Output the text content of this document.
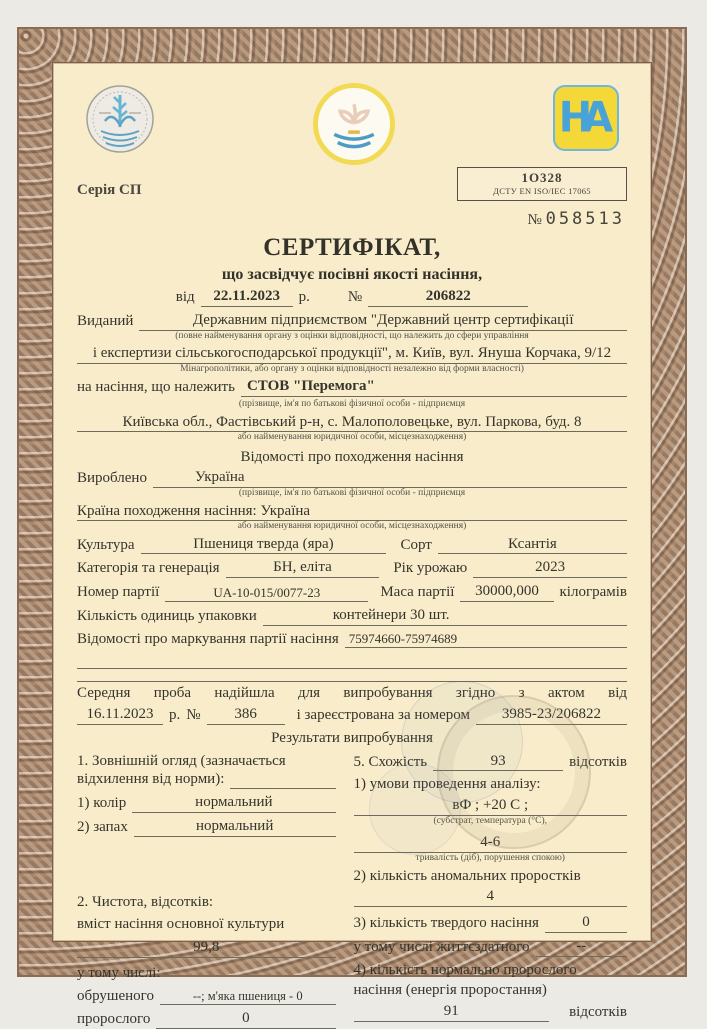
НА
Серія СП
1О328
ДСТУ EN ISO/IEC 17065
№ 058513
СЕРТИФІКАТ,
що засвідчує посівні якості насіння,
від	22.11.2023	р.	№	206822
Виданий	Державним підприємством "Державний центр сертифікації
(повне найменування органу з оцінки відповідності, що належить до сфери управління
і експертизи сільськогосподарської продукції", м. Київ, вул. Януша Корчака, 9/12
Мінагрополітики, або органу з оцінки відповідності незалежно від форми власності)
на насіння, що належить СТОВ "Перемога"
(прізвище, ім'я по батькові фізичної особи - підприємця
Київська обл., Фастівський р-н, с. Малополовецьке, вул. Паркова, буд. 8
або найменування юридичної особи, місцезнаходження)
Відомості про походження насіння
Вироблено	Україна
(прізвище, ім'я по батькові фізичної особи - підприємця
Країна походження насіння: Україна
або найменування юридичної особи, місцезнаходження)
Культура	Пшениця тверда (яра)	Сорт	Ксантія
Категорія та генерація	БН, еліта	Рік урожаю	2023
Номер партії	UA-10-015/0077-23	Маса партії	30000,000	кілограмів
Кількість одиниць упаковки	контейнери 30 шт.
Відомості про маркування партії насіння 75974660-75974689
Середня проба надійшла для випробування згідно з актом від
16.11.2023	р. №	386	і зареєстрована за номером	3985-23/206822
Результати випробування
1. Зовнішній огляд (зазначається
відхилення від норми):
1) колір	нормальний
2) запах	нормальний
2. Чистота, відсотків:
вміст насіння основної культури
99,8
у тому числі:
обрушеного	--; м'яка пшениця - 0
пророслого	0
5. Схожість	93	відсотків
1) умови проведення аналізу:
вФ ; +20 С ;
(субстрат, температура (°С),
4-6
тривалість (діб), порушення спокою)
2) кількість аномальних проростків
4
3) кількість твердого насіння	0
у тому числі життєздатного	--
4) кількість нормально пророслого
насіння (енергія проростання)
91	відсотків
